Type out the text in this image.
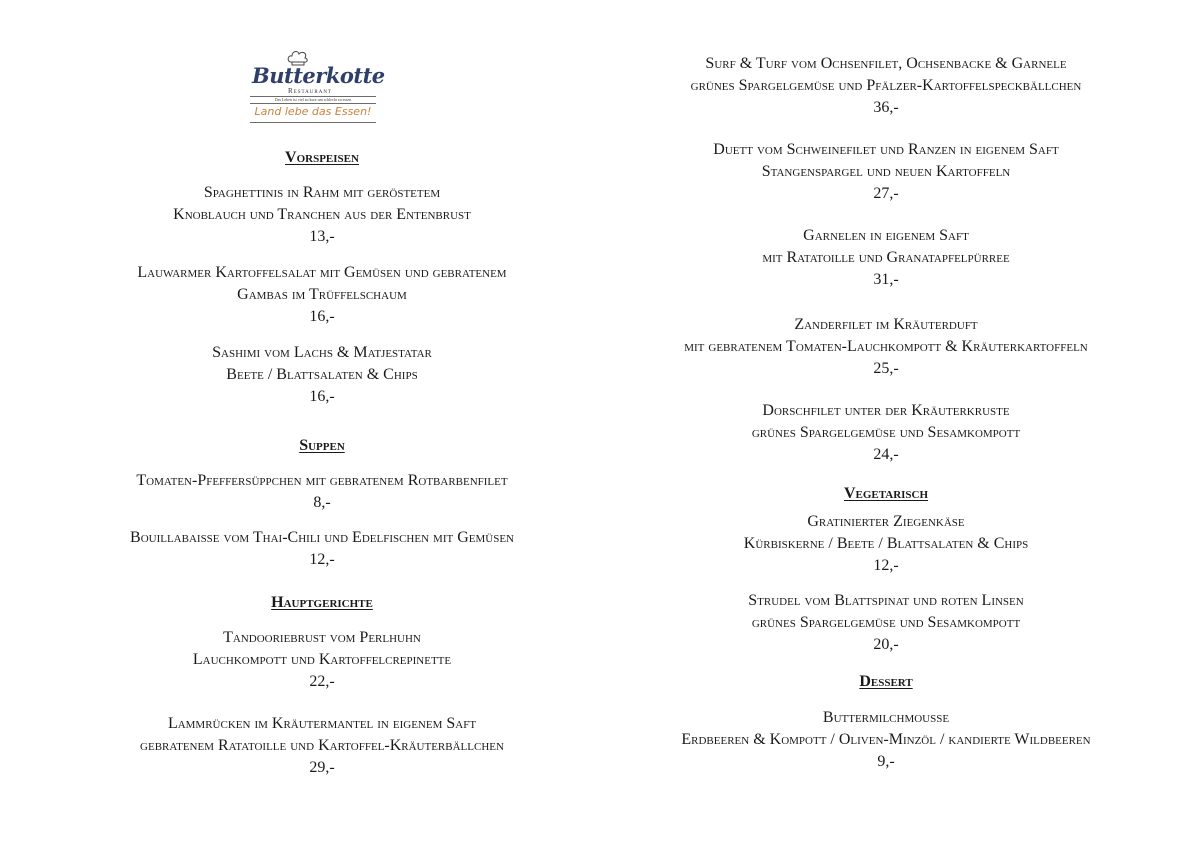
Butterkotte
Restaurant
Das Leben ist viel zu kurz um schlecht zu essen
Land lebe das Essen!
Vorspeisen
Spaghettinis in Rahm mit geröstetem
Knoblauch und Tranchen aus der Entenbrust
13,-
Lauwarmer Kartoffelsalat mit Gemüsen und gebratenem
Gambas im Trüffelschaum
16,-
Sashimi vom Lachs & Matjestatar
Beete / Blattsalaten & Chips
16,-
Suppen
Tomaten-Pfeffersüppchen mit gebratenem Rotbarbenfilet
8,-
Bouillabaisse vom Thai-Chili und Edelfischen mit Gemüsen
12,-
Hauptgerichte
Tandooriebrust vom Perlhuhn
Lauchkompott und Kartoffelcrepinette
22,-
Lammrücken im Kräutermantel in eigenem Saft
gebratenem Ratatoille und Kartoffel-Kräuterbällchen
29,-
Surf & Turf vom Ochsenfilet, Ochsenbacke & Garnele
grünes Spargelgemüse und Pfälzer-Kartoffelspeckbällchen
36,-
Duett vom Schweinefilet und Ranzen in eigenem Saft
Stangenspargel und neuen Kartoffeln
27,-
Garnelen in eigenem Saft
mit Ratatoille und Granatapfelpürree
31,-
Zanderfilet im Kräuterduft
mit gebratenem Tomaten-Lauchkompott & Kräuterkartoffeln
25,-
Dorschfilet unter der Kräuterkruste
grünes Spargelgemüse und Sesamkompott
24,-
Vegetarisch
Gratinierter Ziegenkäse
Kürbiskerne / Beete / Blattsalaten & Chips
12,-
Strudel vom Blattspinat und roten Linsen
grünes Spargelgemüse und Sesamkompott
20,-
Dessert
Buttermilchmousse
Erdbeeren & Kompott / Oliven-Minzöl / kandierte Wildbeeren
9,-
